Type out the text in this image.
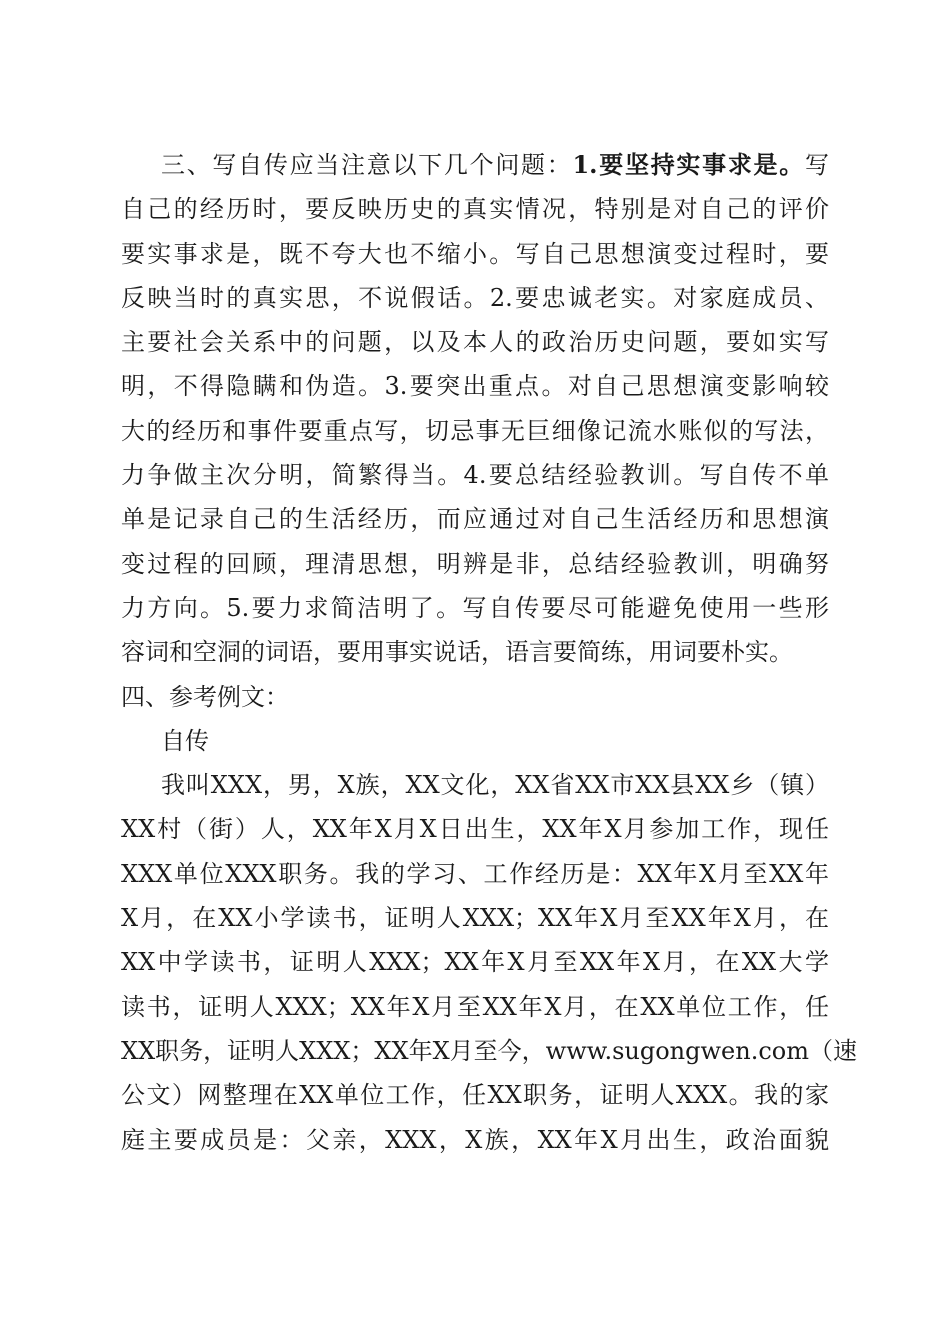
三、写自传应当注意以下几个问题：1.要坚持实事求是。写
自己的经历时，要反映历史的真实情况，特别是对自己的评价
要实事求是，既不夸大也不缩小。写自己思想演变过程时，要
反映当时的真实思，不说假话。2.要忠诚老实。对家庭成员、
主要社会关系中的问题，以及本人的政治历史问题，要如实写
明，不得隐瞒和伪造。3.要突出重点。对自己思想演变影响较
大的经历和事件要重点写，切忌事无巨细像记流水账似的写法，
力争做主次分明，简繁得当。4.要总结经验教训。写自传不单
单是记录自己的生活经历，而应通过对自己生活经历和思想演
变过程的回顾，理清思想，明辨是非，总结经验教训，明确努
力方向。5.要力求简洁明了。写自传要尽可能避免使用一些形
容词和空洞的词语，要用事实说话，语言要简练，用词要朴实。
四、参考例文：
自传
我叫XXX，男，X族，XX文化，XX省XX市XX县XX乡（镇）
XX村（街）人，XX年X月X日出生，XX年X月参加工作，现任
XXX单位XXX职务。我的学习、工作经历是：XX年X月至XX年
X月，在XX小学读书，证明人XXX；XX年X月至XX年X月，在
XX中学读书，证明人XXX；XX年X月至XX年X月，在XX大学
读书，证明人XXX；XX年X月至XX年X月，在XX单位工作，任
XX职务，证明人XXX；XX年X月至今，www.sugongwen.com（速
公文）网整理在XX单位工作，任XX职务，证明人XXX。我的家
庭主要成员是：父亲，XXX，X族，XX年X月出生，政治面貌
